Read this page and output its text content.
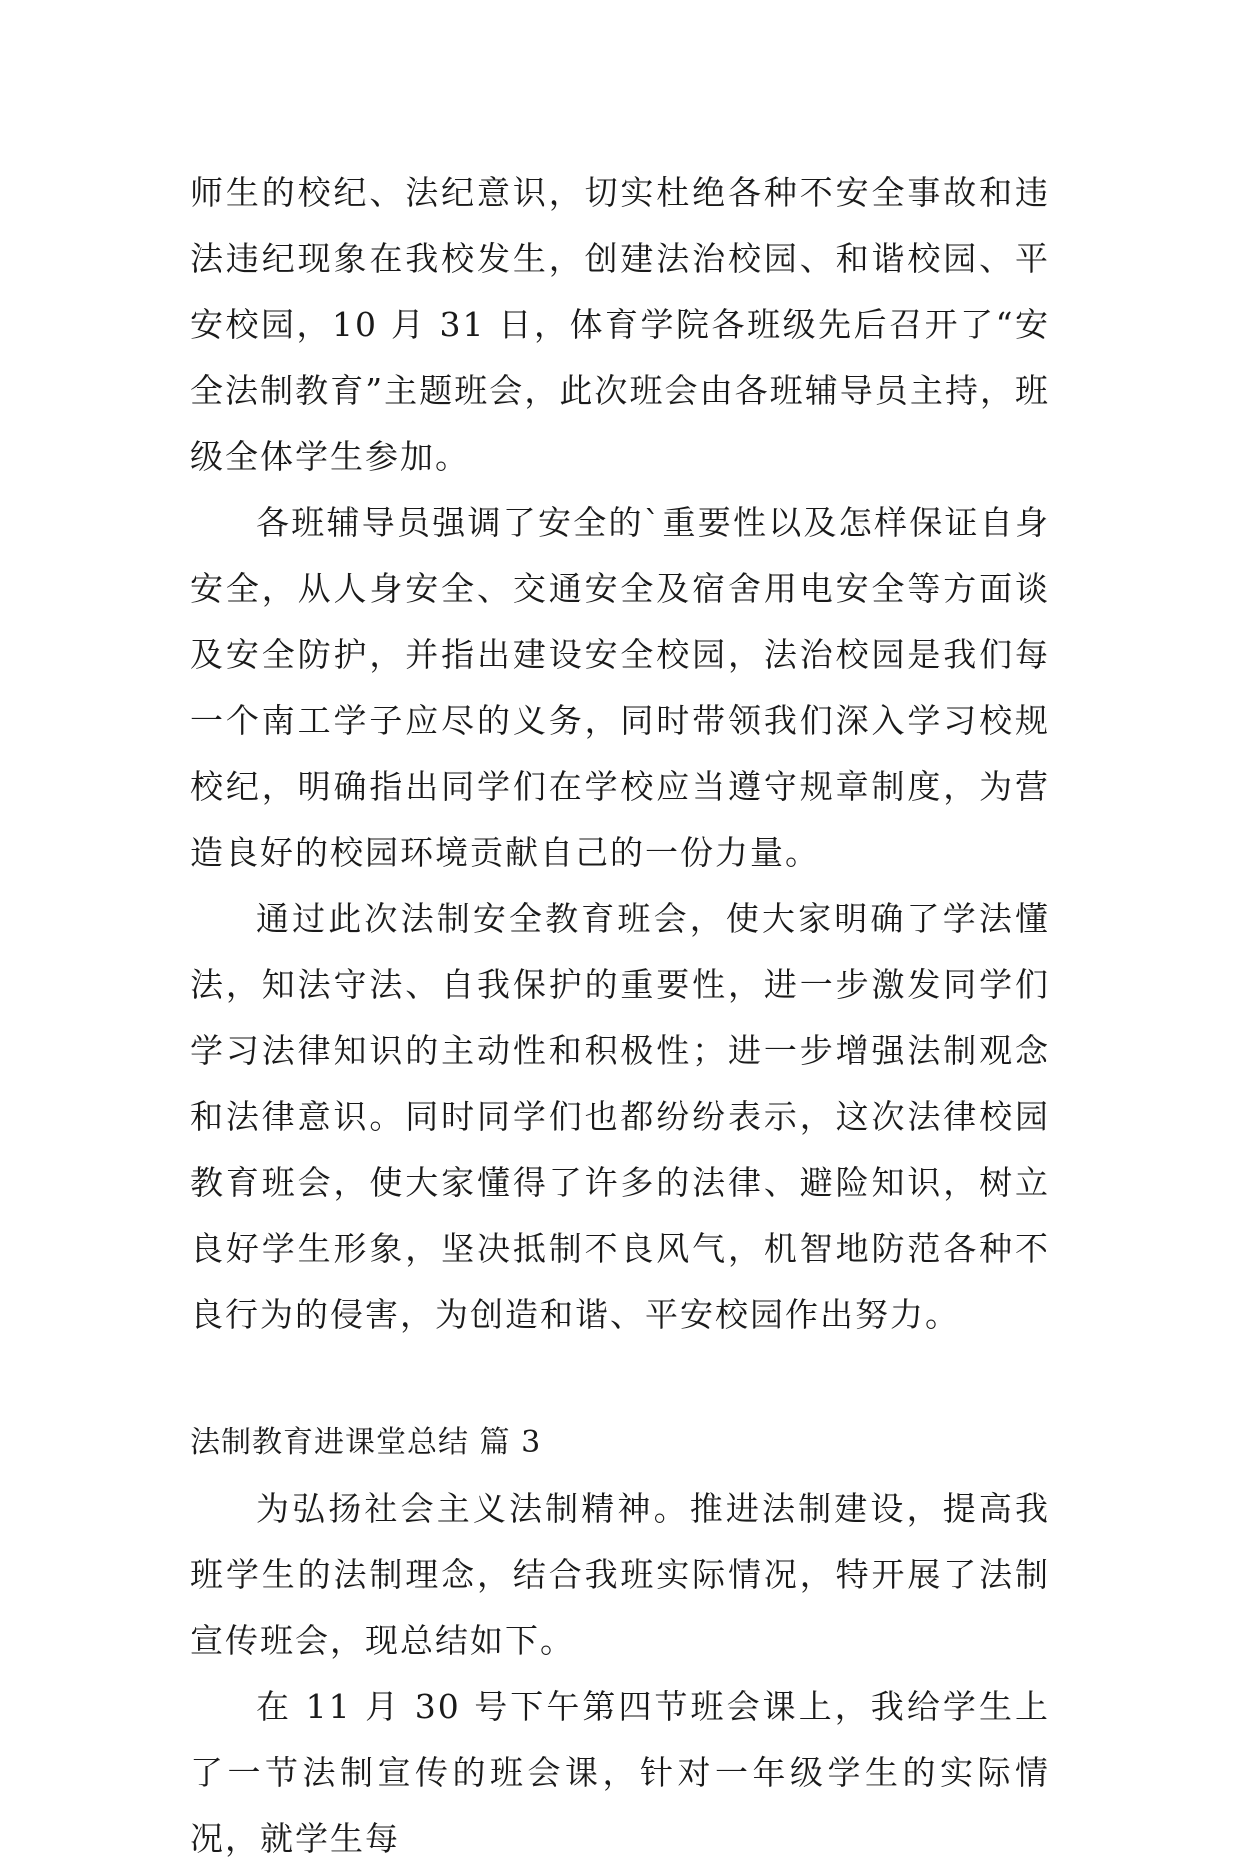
师生的校纪、法纪意识，切实杜绝各种不安全事故和违法违纪现象在我校发生，创建法治校园、和谐校园、平安校园，10 月 31 日，体育学院各班级先后召开了“安全法制教育”主题班会，此次班会由各班辅导员主持，班级全体学生参加。

各班辅导员强调了安全的`重要性以及怎样保证自身安全，从人身安全、交通安全及宿舍用电安全等方面谈及安全防护，并指出建设安全校园，法治校园是我们每一个南工学子应尽的义务，同时带领我们深入学习校规校纪，明确指出同学们在学校应当遵守规章制度，为营造良好的校园环境贡献自己的一份力量。

通过此次法制安全教育班会，使大家明确了学法懂法，知法守法、自我保护的重要性，进一步激发同学们学习法律知识的主动性和积极性；进一步增强法制观念和法律意识。同时同学们也都纷纷表示，这次法律校园教育班会，使大家懂得了许多的法律、避险知识，树立良好学生形象，坚决抵制不良风气，机智地防范各种不良行为的侵害，为创造和谐、平安校园作出努力。

法制教育进课堂总结 篇 3

为弘扬社会主义法制精神。推进法制建设，提高我班学生的法制理念，结合我班实际情况，特开展了法制宣传班会，现总结如下。

在 11 月 30 号下午第四节班会课上，我给学生上了一节法制宣传的班会课，针对一年级学生的实际情况，就学生每
